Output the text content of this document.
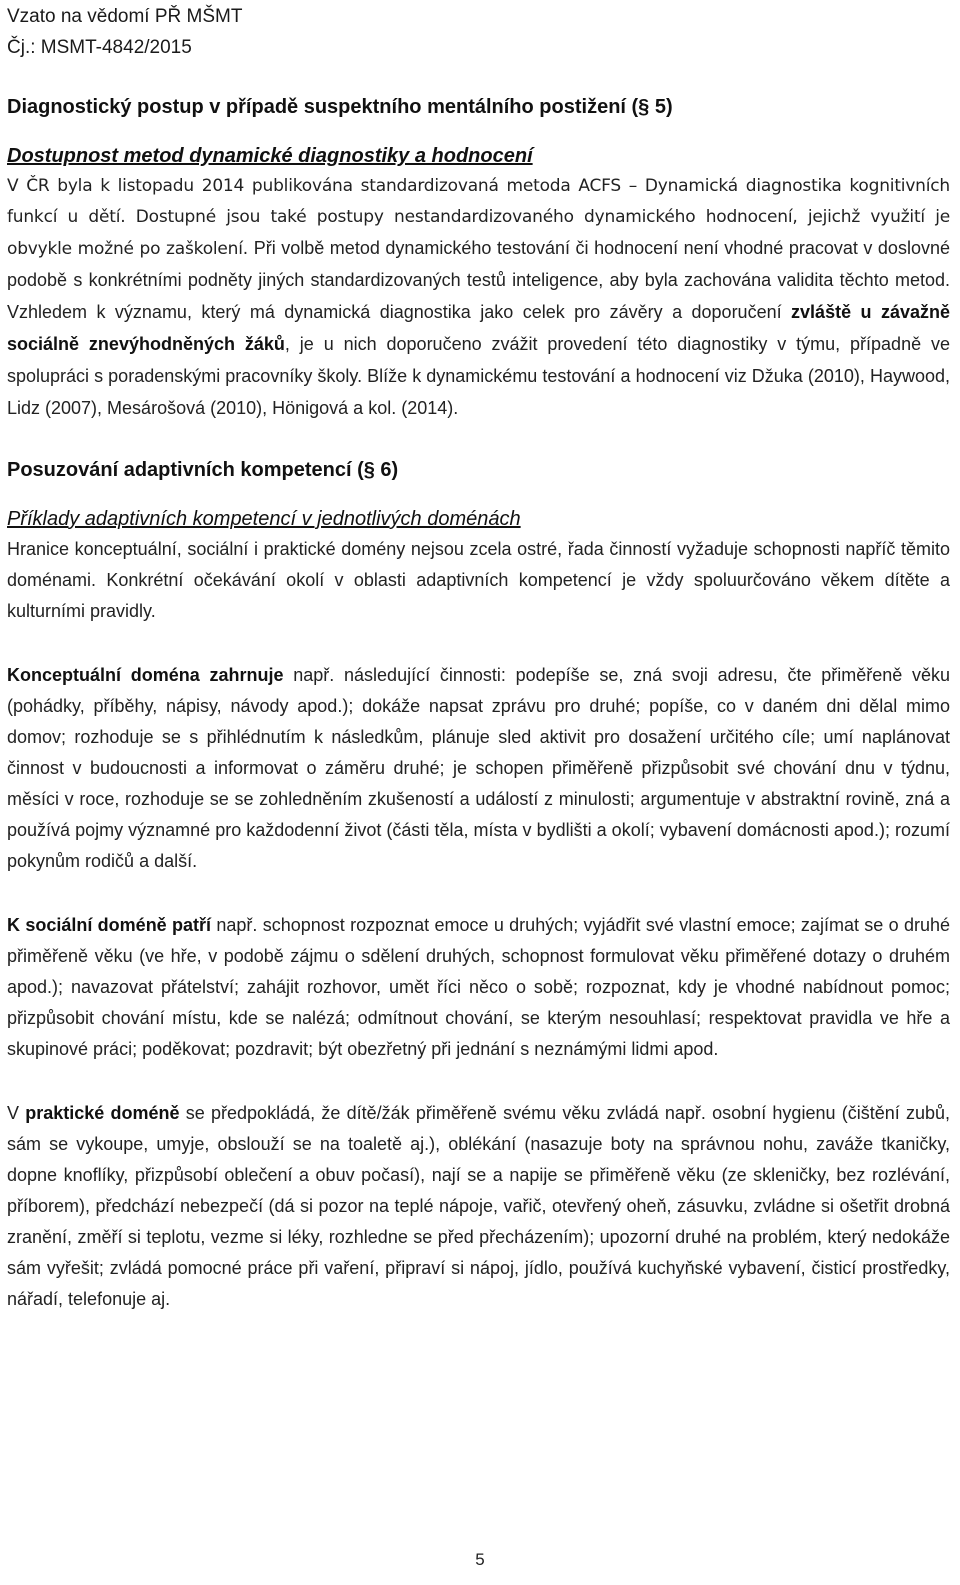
Vzato na vědomí PŘ MŠMT
Čj.: MSMT-4842/2015
Diagnostický postup v případě suspektního mentálního postižení (§ 5)
Dostupnost metod dynamické diagnostiky a hodnocení

V ČR byla k listopadu 2014 publikována standardizovaná metoda ACFS – Dynamická diagnostika kognitivních funkcí u dětí. Dostupné jsou také postupy nestandardizovaného dynamického hodnocení, jejichž využití je obvykle možné po zaškolení. Při volbě metod dynamického testování či hodnocení není vhodné pracovat v doslovné podobě s konkrétními podněty jiných standardizovaných testů inteligence, aby byla zachována validita těchto metod. Vzhledem k významu, který má dynamická diagnostika jako celek pro závěry a doporučení zvláště u závažně sociálně znevýhodněných žáků, je u nich doporučeno zvážit provedení této diagnostiky v týmu, případně ve spolupráci s poradenskými pracovníky školy. Blíže k dynamickému testování a hodnocení viz Džuka (2010), Haywood, Lidz (2007), Mesárošová (2010), Hönigová a kol. (2014).

Posuzování adaptivních kompetencí (§ 6)
Příklady adaptivních kompetencí v jednotlivých doménách

Hranice konceptuální, sociální i praktické domény nejsou zcela ostré, řada činností vyžaduje schopnosti napříč těmito doménami. Konkrétní očekávání okolí v oblasti adaptivních kompetencí je vždy spoluurčováno věkem dítěte a kulturními pravidly.

Konceptuální doména zahrnuje např. následující činnosti: podepíše se, zná svoji adresu, čte přiměřeně věku (pohádky, příběhy, nápisy, návody apod.); dokáže napsat zprávu pro druhé; popíše, co v daném dni dělal mimo domov; rozhoduje se s přihlédnutím k následkům, plánuje sled aktivit pro dosažení určitého cíle; umí naplánovat činnost v budoucnosti a informovat o záměru druhé; je schopen přiměřeně přizpůsobit své chování dnu v týdnu, měsíci v roce, rozhoduje se se zohledněním zkušeností a událostí z minulosti; argumentuje v abstraktní rovině, zná a používá pojmy významné pro každodenní život (části těla, místa v bydlišti a okolí; vybavení domácnosti apod.); rozumí pokynům rodičů a další.

K sociální doméně patří např. schopnost rozpoznat emoce u druhých; vyjádřit své vlastní emoce; zajímat se o druhé přiměřeně věku (ve hře, v podobě zájmu o sdělení druhých, schopnost formulovat věku přiměřené dotazy o druhém apod.); navazovat přátelství; zahájit rozhovor, umět říci něco o sobě; rozpoznat, kdy je vhodné nabídnout pomoc; přizpůsobit chování místu, kde se nalézá; odmítnout chování, se kterým nesouhlasí; respektovat pravidla ve hře a skupinové práci; poděkovat; pozdravit; být obezřetný při jednání s neznámými lidmi apod.

V praktické doméně se předpokládá, že dítě/žák přiměřeně svému věku zvládá např. osobní hygienu (čištění zubů, sám se vykoupe, umyje, obslouží se na toaletě aj.), oblékání (nasazuje boty na správnou nohu, zaváže tkaničky, dopne knoflíky, přizpůsobí oblečení a obuv počasí), nají se a napije se přiměřeně věku (ze skleničky, bez rozlévání, příborem), předchází nebezpečí (dá si pozor na teplé nápoje, vařič, otevřený oheň, zásuvku, zvládne si ošetřit drobná zranění, změří si teplotu, vezme si léky, rozhledne se před přecházením); upozorní druhé na problém, který nedokáže sám vyřešit; zvládá pomocné práce při vaření, připraví si nápoj, jídlo, používá kuchyňské vybavení, čisticí prostředky, nářadí, telefonuje aj.

5
